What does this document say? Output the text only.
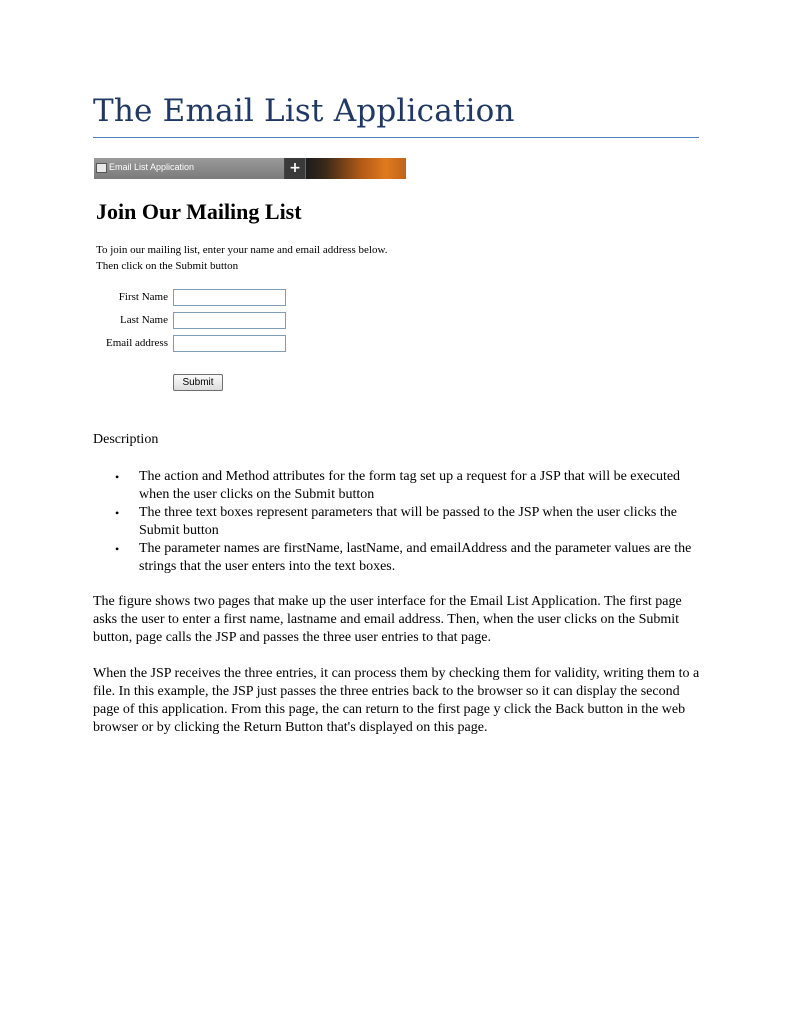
The Email List Application
Email List Application	+
Join Our Mailing List
To join our mailing list, enter your name and email address below.
Then click on the Submit button
First Name
Last Name
Email address
Submit
Description
• The action and Method attributes for the form tag set up a request for a JSP that will be executed when the user clicks on the Submit button
• The three text boxes represent parameters that will be passed to the JSP when the user clicks the Submit button
• The parameter names are firstName, lastName, and emailAddress and the parameter values are the strings that the user enters into the text boxes.
The figure shows two pages that make up the user interface for the Email List Application. The first page asks the user to enter a first name, lastname and email address. Then, when the user clicks on the Submit button, page calls the JSP and passes the three user entries to that page.
When the JSP receives the three entries, it can process them by checking them for validity, writing them to a file. In this example, the JSP just passes the three entries back to the browser so it can display the second page of this application. From this page, the can return to the first page y click the Back button in the web browser or by clicking the Return Button that's displayed on this page.
